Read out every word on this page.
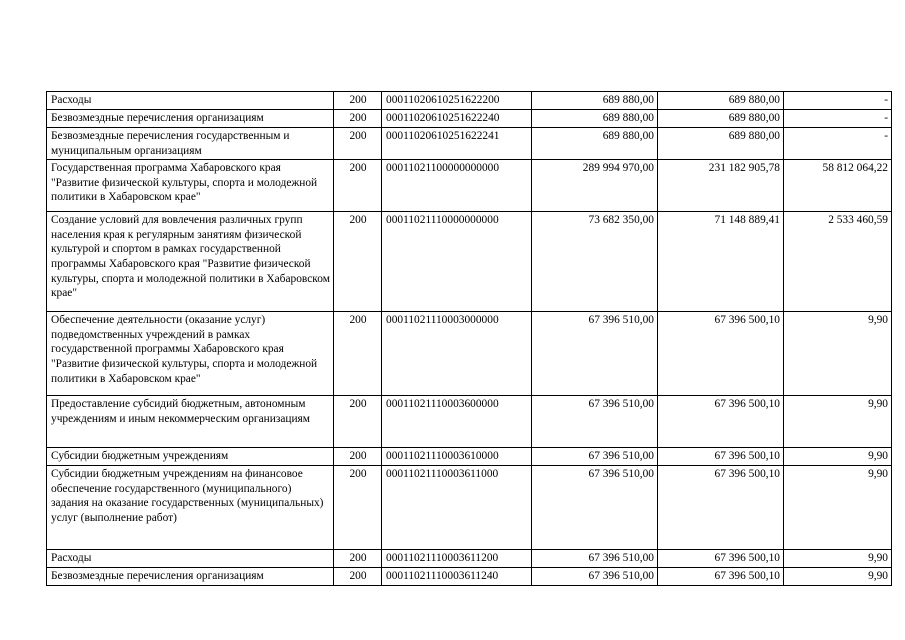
Расходы	200	00011020610251622200	689 880,00	689 880,00	-
Безвозмездные перечисления организациям	200	00011020610251622240	689 880,00	689 880,00	-
Безвозмездные перечисления государственным и муниципальным организациям	200	00011020610251622241	689 880,00	689 880,00	-
Государственная программа Хабаровского края "Развитие физической культуры, спорта и молодежной политики в Хабаровском крае"	200	00011021100000000000	289 994 970,00	231 182 905,78	58 812 064,22
Создание условий для вовлечения различных групп населения края к регулярным занятиям физической культурой и спортом в рамках государственной программы Хабаровского края "Развитие физической культуры, спорта и молодежной политики в Хабаровском крае"	200	00011021110000000000	73 682 350,00	71 148 889,41	2 533 460,59
Обеспечение деятельности (оказание услуг) подведомственных учреждений в рамках государственной программы Хабаровского края "Развитие физической культуры, спорта и молодежной политики в Хабаровском крае"	200	00011021110003000000	67 396 510,00	67 396 500,10	9,90
Предоставление субсидий бюджетным, автономным учреждениям и иным некоммерческим организациям	200	00011021110003600000	67 396 510,00	67 396 500,10	9,90
Субсидии бюджетным учреждениям	200	00011021110003610000	67 396 510,00	67 396 500,10	9,90
Субсидии бюджетным учреждениям на финансовое обеспечение государственного (муниципального) задания на оказание государственных (муниципальных) услуг (выполнение работ)	200	00011021110003611000	67 396 510,00	67 396 500,10	9,90
Расходы	200	00011021110003611200	67 396 510,00	67 396 500,10	9,90
Безвозмездные перечисления организациям	200	00011021110003611240	67 396 510,00	67 396 500,10	9,90
